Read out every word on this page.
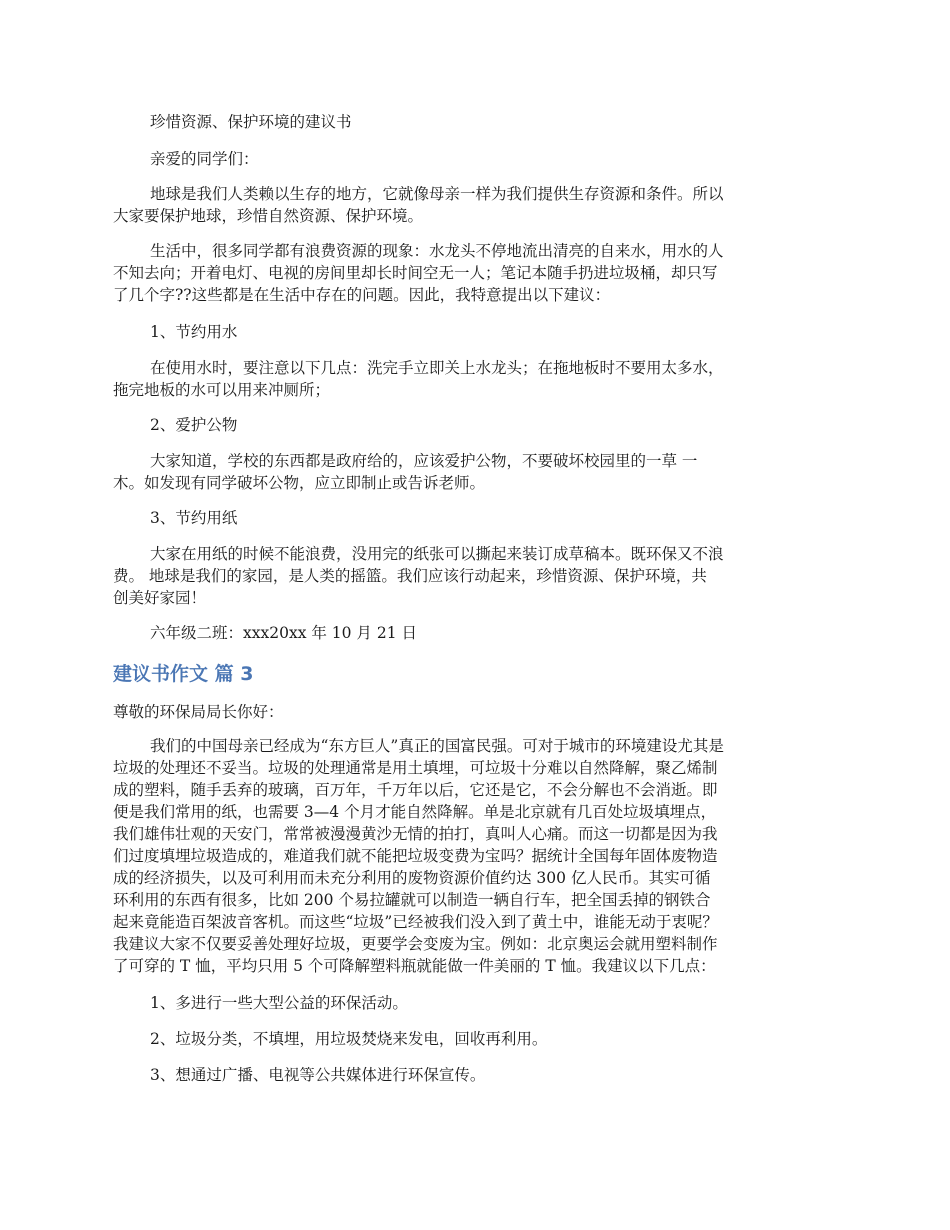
珍惜资源、保护环境的建议书
亲爱的同学们：
地球是我们人类赖以生存的地方，它就像母亲一样为我们提供生存资源和条件。所以
大家要保护地球，珍惜自然资源、保护环境。
生活中，很多同学都有浪费资源的现象：水龙头不停地流出清亮的自来水，用水的人
不知去向；开着电灯、电视的房间里却长时间空无一人；笔记本随手扔进垃圾桶，却只写
了几个字??这些都是在生活中存在的问题。因此，我特意提出以下建议：
1、节约用水
在使用水时，要注意以下几点：洗完手立即关上水龙头；在拖地板时不要用太多水，
拖完地板的水可以用来冲厕所；
2、爱护公物
大家知道，学校的东西都是政府给的，应该爱护公物，不要破坏校园里的一草 一
木。如发现有同学破坏公物，应立即制止或告诉老师。
3、节约用纸
大家在用纸的时候不能浪费，没用完的纸张可以撕起来装订成草稿本。既环保又不浪
费。 地球是我们的家园，是人类的摇篮。我们应该行动起来，珍惜资源、保护环境，共
创美好家园！
六年级二班：xxx20xx 年 10 月 21 日
建议书作文 篇 3
尊敬的环保局局长你好：
我们的中国母亲已经成为“东方巨人”真正的国富民强。可对于城市的环境建设尤其是
垃圾的处理还不妥当。垃圾的处理通常是用土填埋，可垃圾十分难以自然降解，聚乙烯制
成的塑料，随手丢弃的玻璃，百万年，千万年以后，它还是它，不会分解也不会消逝。即
便是我们常用的纸，也需要 3—4 个月才能自然降解。单是北京就有几百处垃圾填埋点，
我们雄伟壮观的天安门，常常被漫漫黄沙无情的拍打，真叫人心痛。而这一切都是因为我
们过度填埋垃圾造成的，难道我们就不能把垃圾变费为宝吗？据统计全国每年固体废物造
成的经济损失，以及可利用而未充分利用的废物资源价值约达 300 亿人民币。其实可循
环利用的东西有很多，比如 200 个易拉罐就可以制造一辆自行车，把全国丢掉的钢铁合
起来竟能造百架波音客机。而这些“垃圾”已经被我们没入到了黄土中，谁能无动于衷呢？
我建议大家不仅要妥善处理好垃圾，更要学会变废为宝。例如：北京奥运会就用塑料制作
了可穿的 T 恤，平均只用 5 个可降解塑料瓶就能做一件美丽的 T 恤。我建议以下几点：
1、多进行一些大型公益的环保活动。
2、垃圾分类，不填埋，用垃圾焚烧来发电，回收再利用。
3、想通过广播、电视等公共媒体进行环保宣传。
